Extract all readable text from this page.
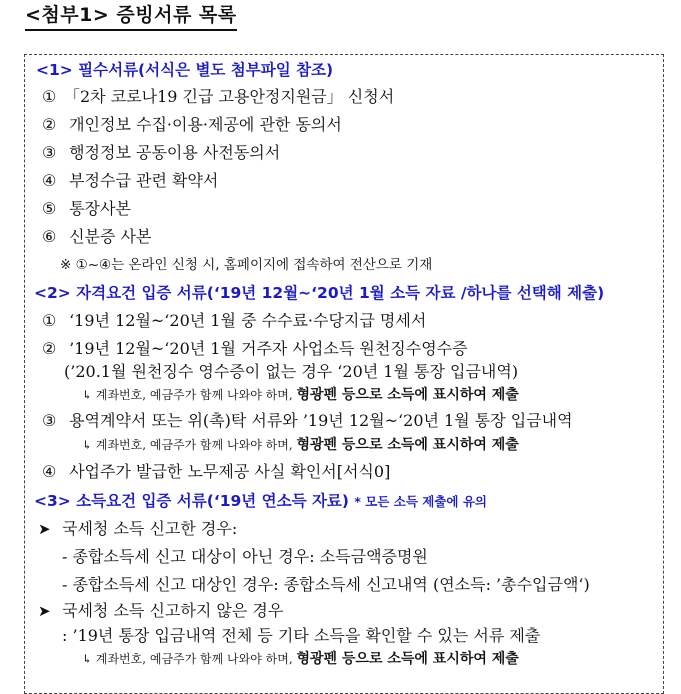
<첨부1> 증빙서류 목록
<1> 필수서류(서식은 별도 첨부파일 참조)
① 「2차 코로나19 긴급 고용안정지원금」 신청서
② 개인정보 수집·이용·제공에 관한 동의서
③ 행정정보 공동이용 사전동의서
④ 부정수급 관련 확약서
⑤ 통장사본
⑥ 신분증 사본
※ ①~④는 온라인 신청 시, 홈페이지에 접속하여 전산으로 기재
<2> 자격요건 입증 서류(‘19년 12월~‘20년 1월 소득 자료 /하나를 선택해 제출)
① ‘19년 12월~‘20년 1월 중 수수료·수당지급 명세서
② ’19년 12월~‘20년 1월 거주자 사업소득 원천징수영수증
(’20.1월 원천징수 영수증이 없는 경우 ‘20년 1월 통장 입금내역)
↳ 계좌번호, 예금주가 함께 나와야 하며, 형광펜 등으로 소득에 표시하여 제출
③ 용역계약서 또는 위(촉)탁 서류와 ’19년 12월~‘20년 1월 통장 입금내역
↳ 계좌번호, 예금주가 함께 나와야 하며, 형광펜 등으로 소득에 표시하여 제출
④ 사업주가 발급한 노무제공 사실 확인서[서식0]
<3> 소득요건 입증 서류(‘19년 연소득 자료) * 모든 소득 제출에 유의
➤ 국세청 소득 신고한 경우:
- 종합소득세 신고 대상이 아닌 경우: 소득금액증명원
- 종합소득세 신고 대상인 경우: 종합소득세 신고내역 (연소득: ’총수입금액‘)
➤ 국세청 소득 신고하지 않은 경우
: ’19년 통장 입금내역 전체 등 기타 소득을 확인할 수 있는 서류 제출
↳ 계좌번호, 예금주가 함께 나와야 하며, 형광펜 등으로 소득에 표시하여 제출
